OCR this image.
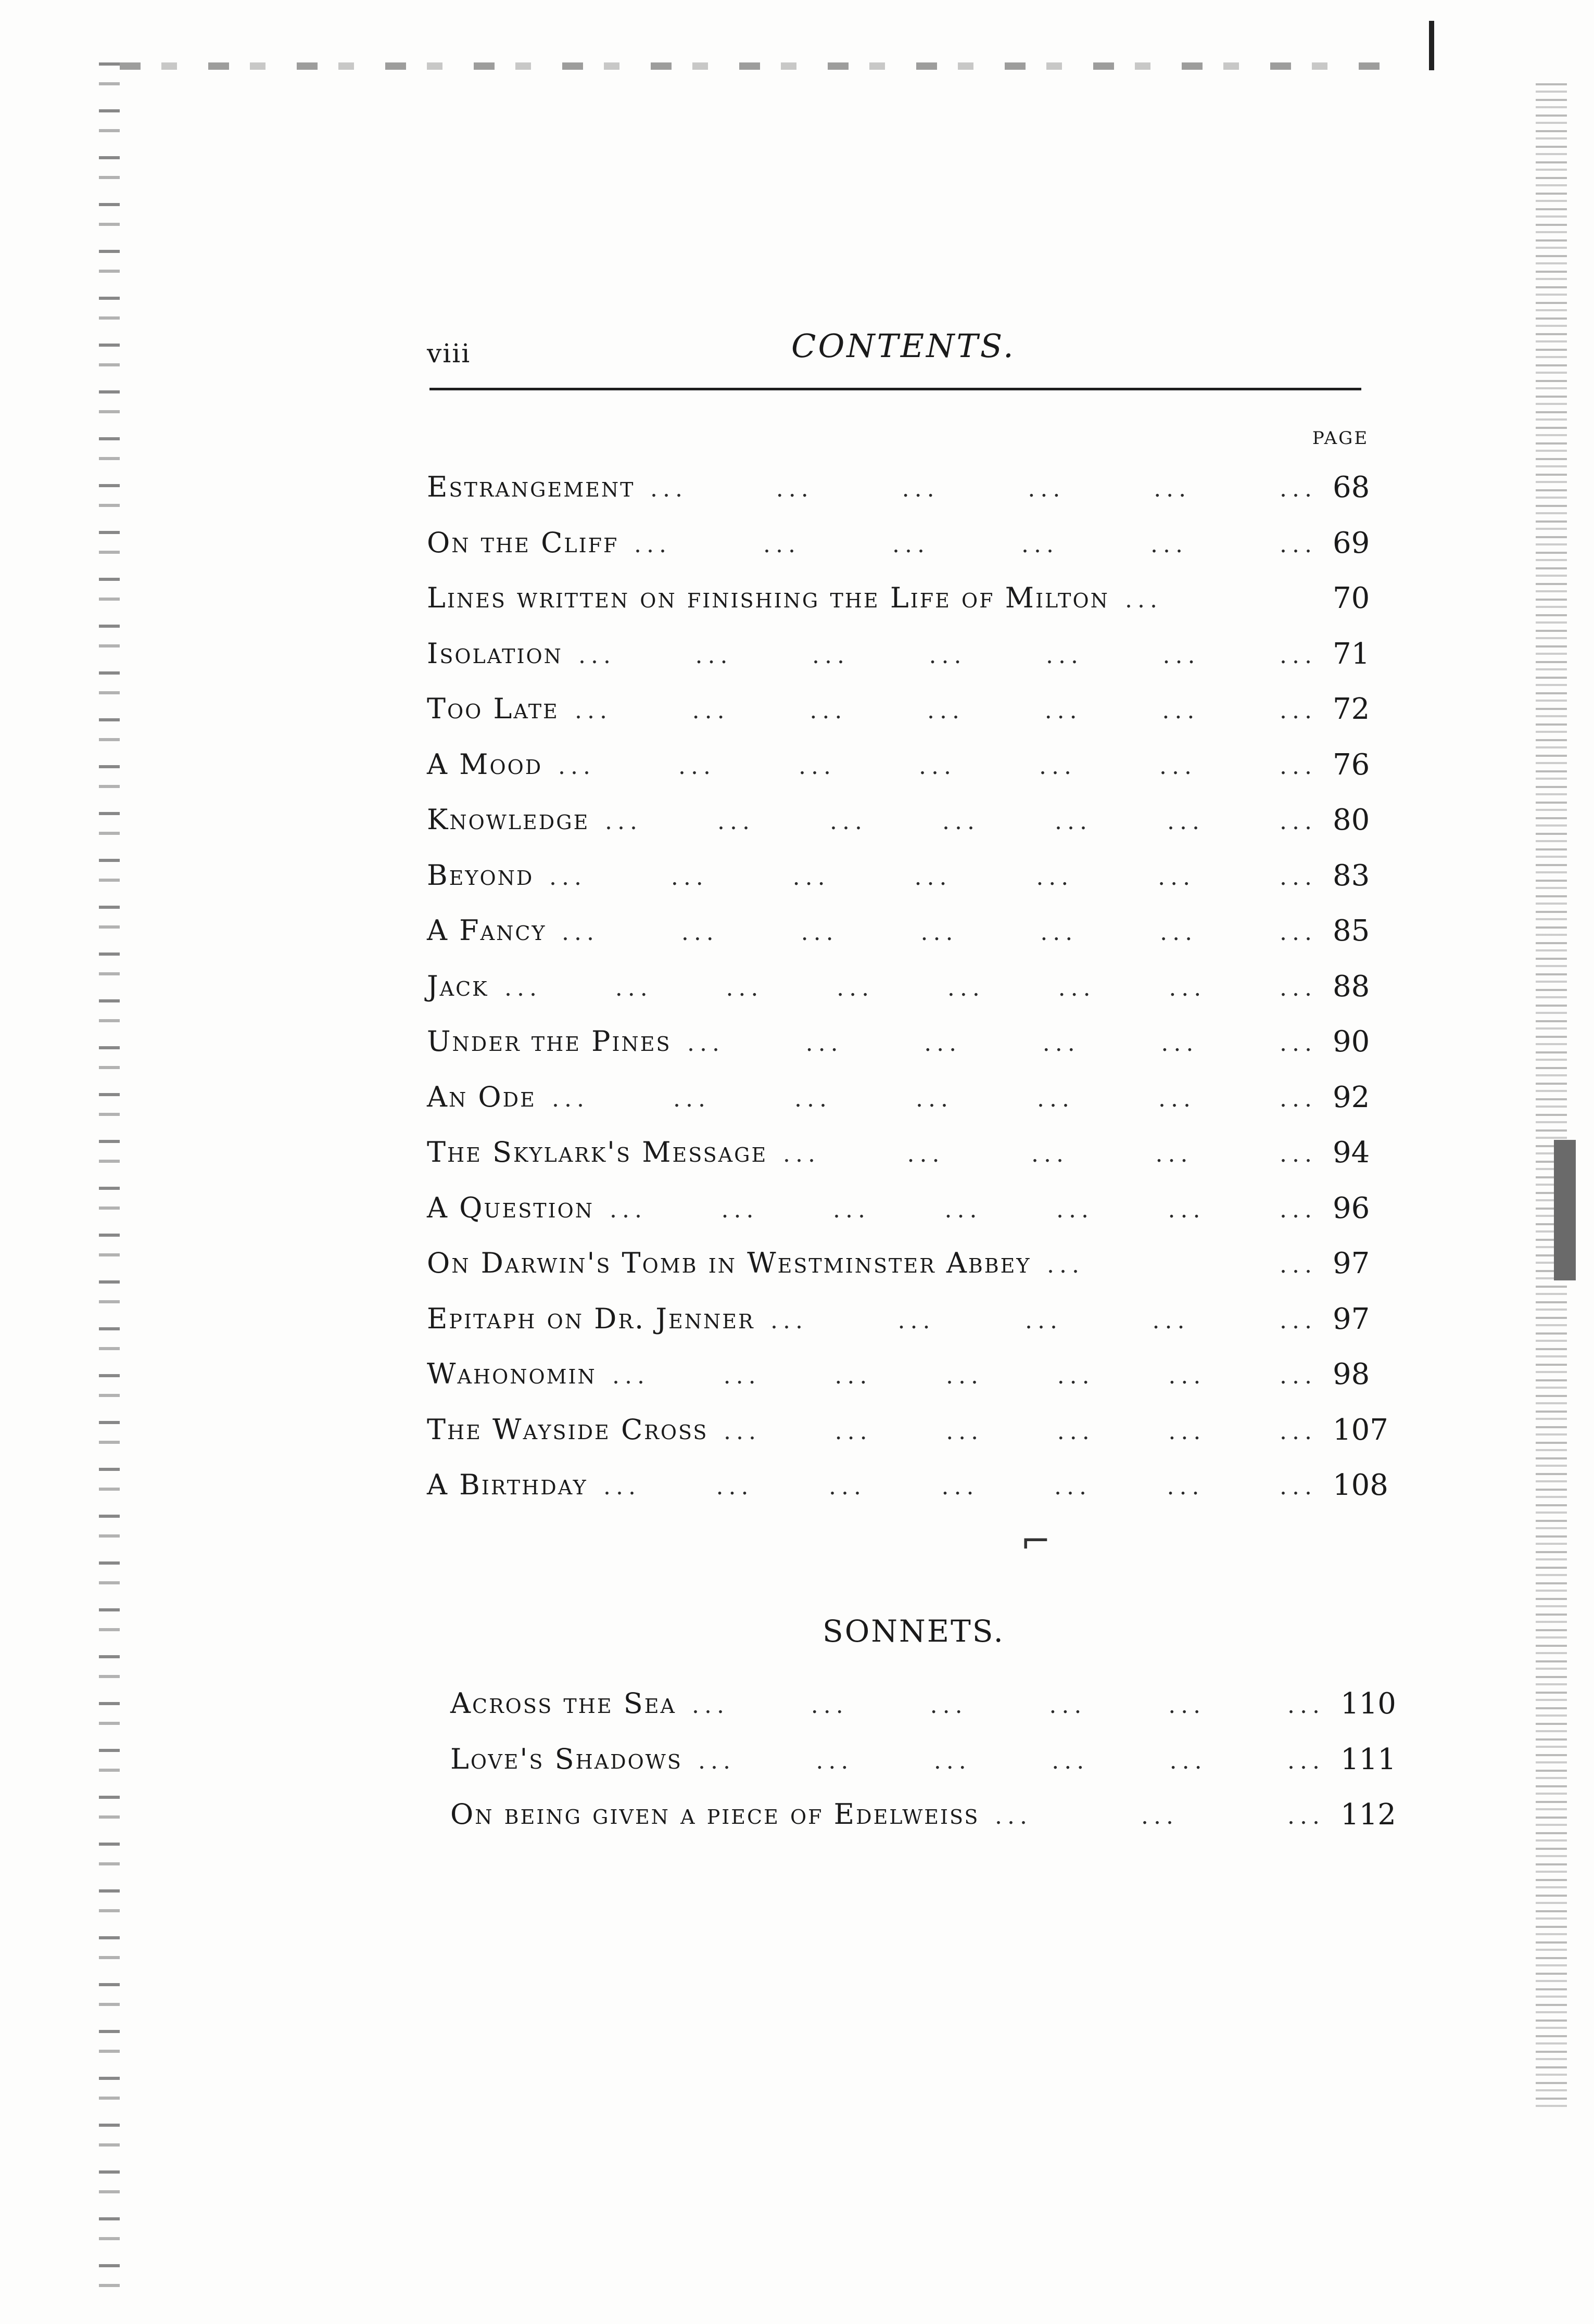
viii	CONTENTS.
PAGE
Estrangement ...	...	...	...	...	... 68
On the Cliff ...	...	...	...	...	... 69
Lines written on finishing the Life of Milton ...	70
Isolation ...	...	...	...	...	...	... 71
Too Late ...	...	...	...	...	...	... 72
A Mood ...	...	...	...	...	...	... 76
Knowledge ...	...	...	...	...	...	... 80
Beyond ...	...	...	...	...	...	... 83
A Fancy ...	...	...	...	...	...	... 85
Jack ...	...	...	...	...	...	...	... 88
Under the Pines ...	...	...	...	...	... 90
An Ode ...	...	...	...	...	...	... 92
The Skylark's Message ...	...	...	...	... 94
A Question ...	...	...	...	...	...	... 96
On Darwin's Tomb in Westminster Abbey ...	... 97
Epitaph on Dr. Jenner ...	...	...	...	... 97
Wahonomin ...	...	...	...	...	...	... 98
The Wayside Cross ...	...	...	...	...	... 107
A Birthday ...	...	...	...	...	...	... 108
⌐
SONNETS.
Across the Sea ...	...	...	...	...	... 110
Love's Shadows ...	...	...	...	...	... 111
On being given a piece of Edelweiss ...	...	... 112
